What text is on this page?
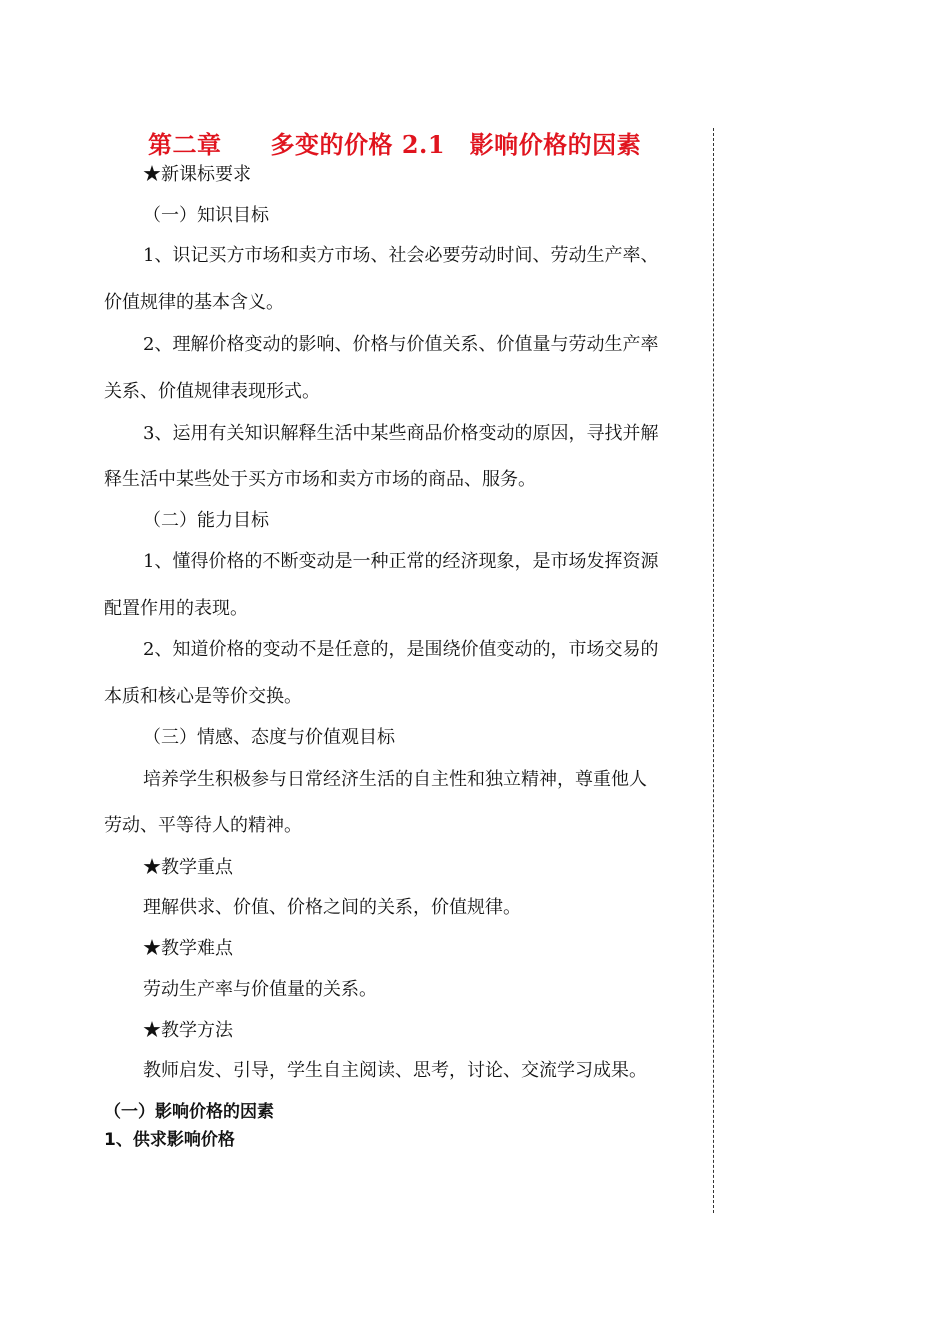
第二章　　多变的价格 2.1　影响价格的因素
★新课标要求
（一）知识目标
1、识记买方市场和卖方市场、社会必要劳动时间、劳动生产率、
价值规律的基本含义。
2、理解价格变动的影响、价格与价值关系、价值量与劳动生产率
关系、价值规律表现形式。
3、运用有关知识解释生活中某些商品价格变动的原因，寻找并解
释生活中某些处于买方市场和卖方市场的商品、服务。
（二）能力目标
1、懂得价格的不断变动是一种正常的经济现象，是市场发挥资源
配置作用的表现。
2、知道价格的变动不是任意的，是围绕价值变动的，市场交易的
本质和核心是等价交换。
（三）情感、态度与价值观目标
培养学生积极参与日常经济生活的自主性和独立精神，尊重他人
劳动、平等待人的精神。
★教学重点
理解供求、价值、价格之间的关系，价值规律。
★教学难点
劳动生产率与价值量的关系。
★教学方法
教师启发、引导，学生自主阅读、思考，讨论、交流学习成果。
（一）影响价格的因素
1、供求影响价格
